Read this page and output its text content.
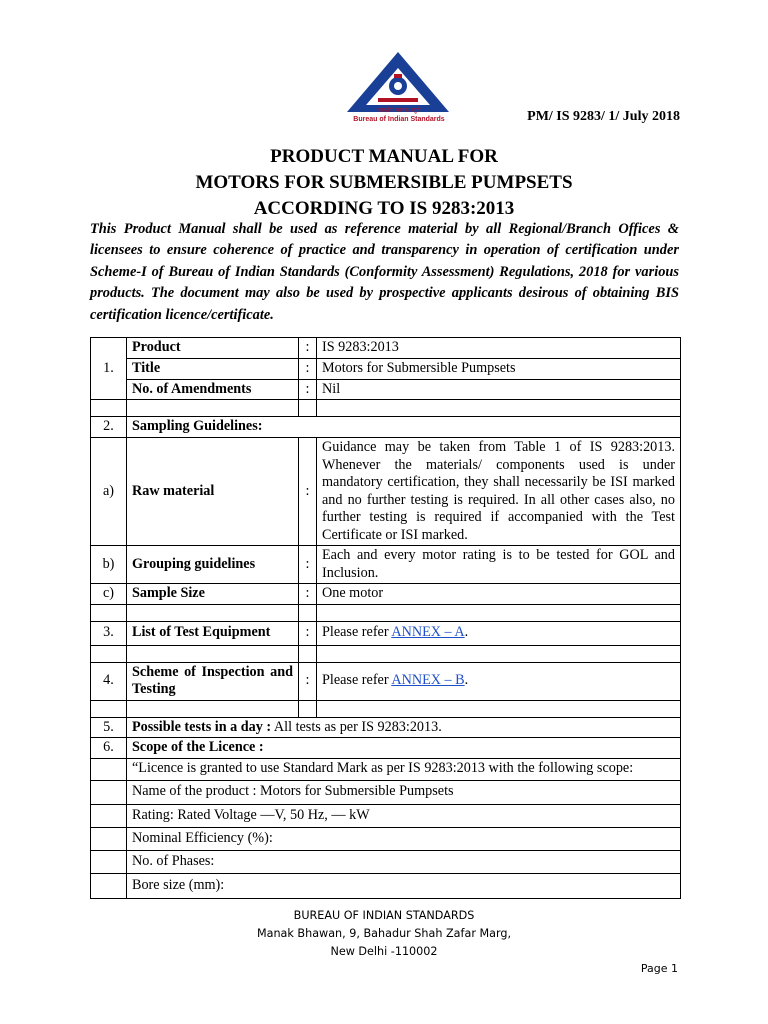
भारतीय मानक ब्यूरो
Bureau of Indian Standards	PM/ IS 9283/ 1/ July 2018
PRODUCT MANUAL FOR
MOTORS FOR SUBMERSIBLE PUMPSETS
ACCORDING TO IS 9283:2013
This Product Manual shall be used as reference material by all Regional/Branch Offices & licensees to ensure coherence of practice and transparency in operation of certification under Scheme-I of Bureau of Indian Standards (Conformity Assessment) Regulations, 2018 for various products. The document may also be used by prospective applicants desirous of obtaining BIS certification licence/certificate.
1.	Product	:	IS 9283:2013
	Title	:	Motors for Submersible Pumpsets
	No. of Amendments	:	Nil

2.	Sampling Guidelines:		
a)	Raw material	:	Guidance may be taken from Table 1 of IS 9283:2013. Whenever the materials/ components used is under mandatory certification, they shall necessarily be ISI marked and no further testing is required. In all other cases also, no further testing is required if accompanied with the Test Certificate or ISI marked.
b)	Grouping guidelines	:	Each and every motor rating is to be tested for GOL and Inclusion.
c)	Sample Size	:	One motor

3.	List of Test Equipment	:	Please refer ANNEX – A.

4.	Scheme of Inspection and Testing	:	Please refer ANNEX – B.

5.	Possible tests in a day : All tests as per IS 9283:2013.		
6.	Scope of the Licence :		
	“Licence is granted to use Standard Mark as per IS 9283:2013 with the following scope:		
	Name of the product : Motors for Submersible Pumpsets		
	Rating: Rated Voltage —V, 50 Hz, — kW		
	Nominal Efficiency (%):		
	No. of Phases:		
	Bore size (mm):		
BUREAU OF INDIAN STANDARDS
Manak Bhawan, 9, Bahadur Shah Zafar Marg,
New Delhi -110002
Page 1
